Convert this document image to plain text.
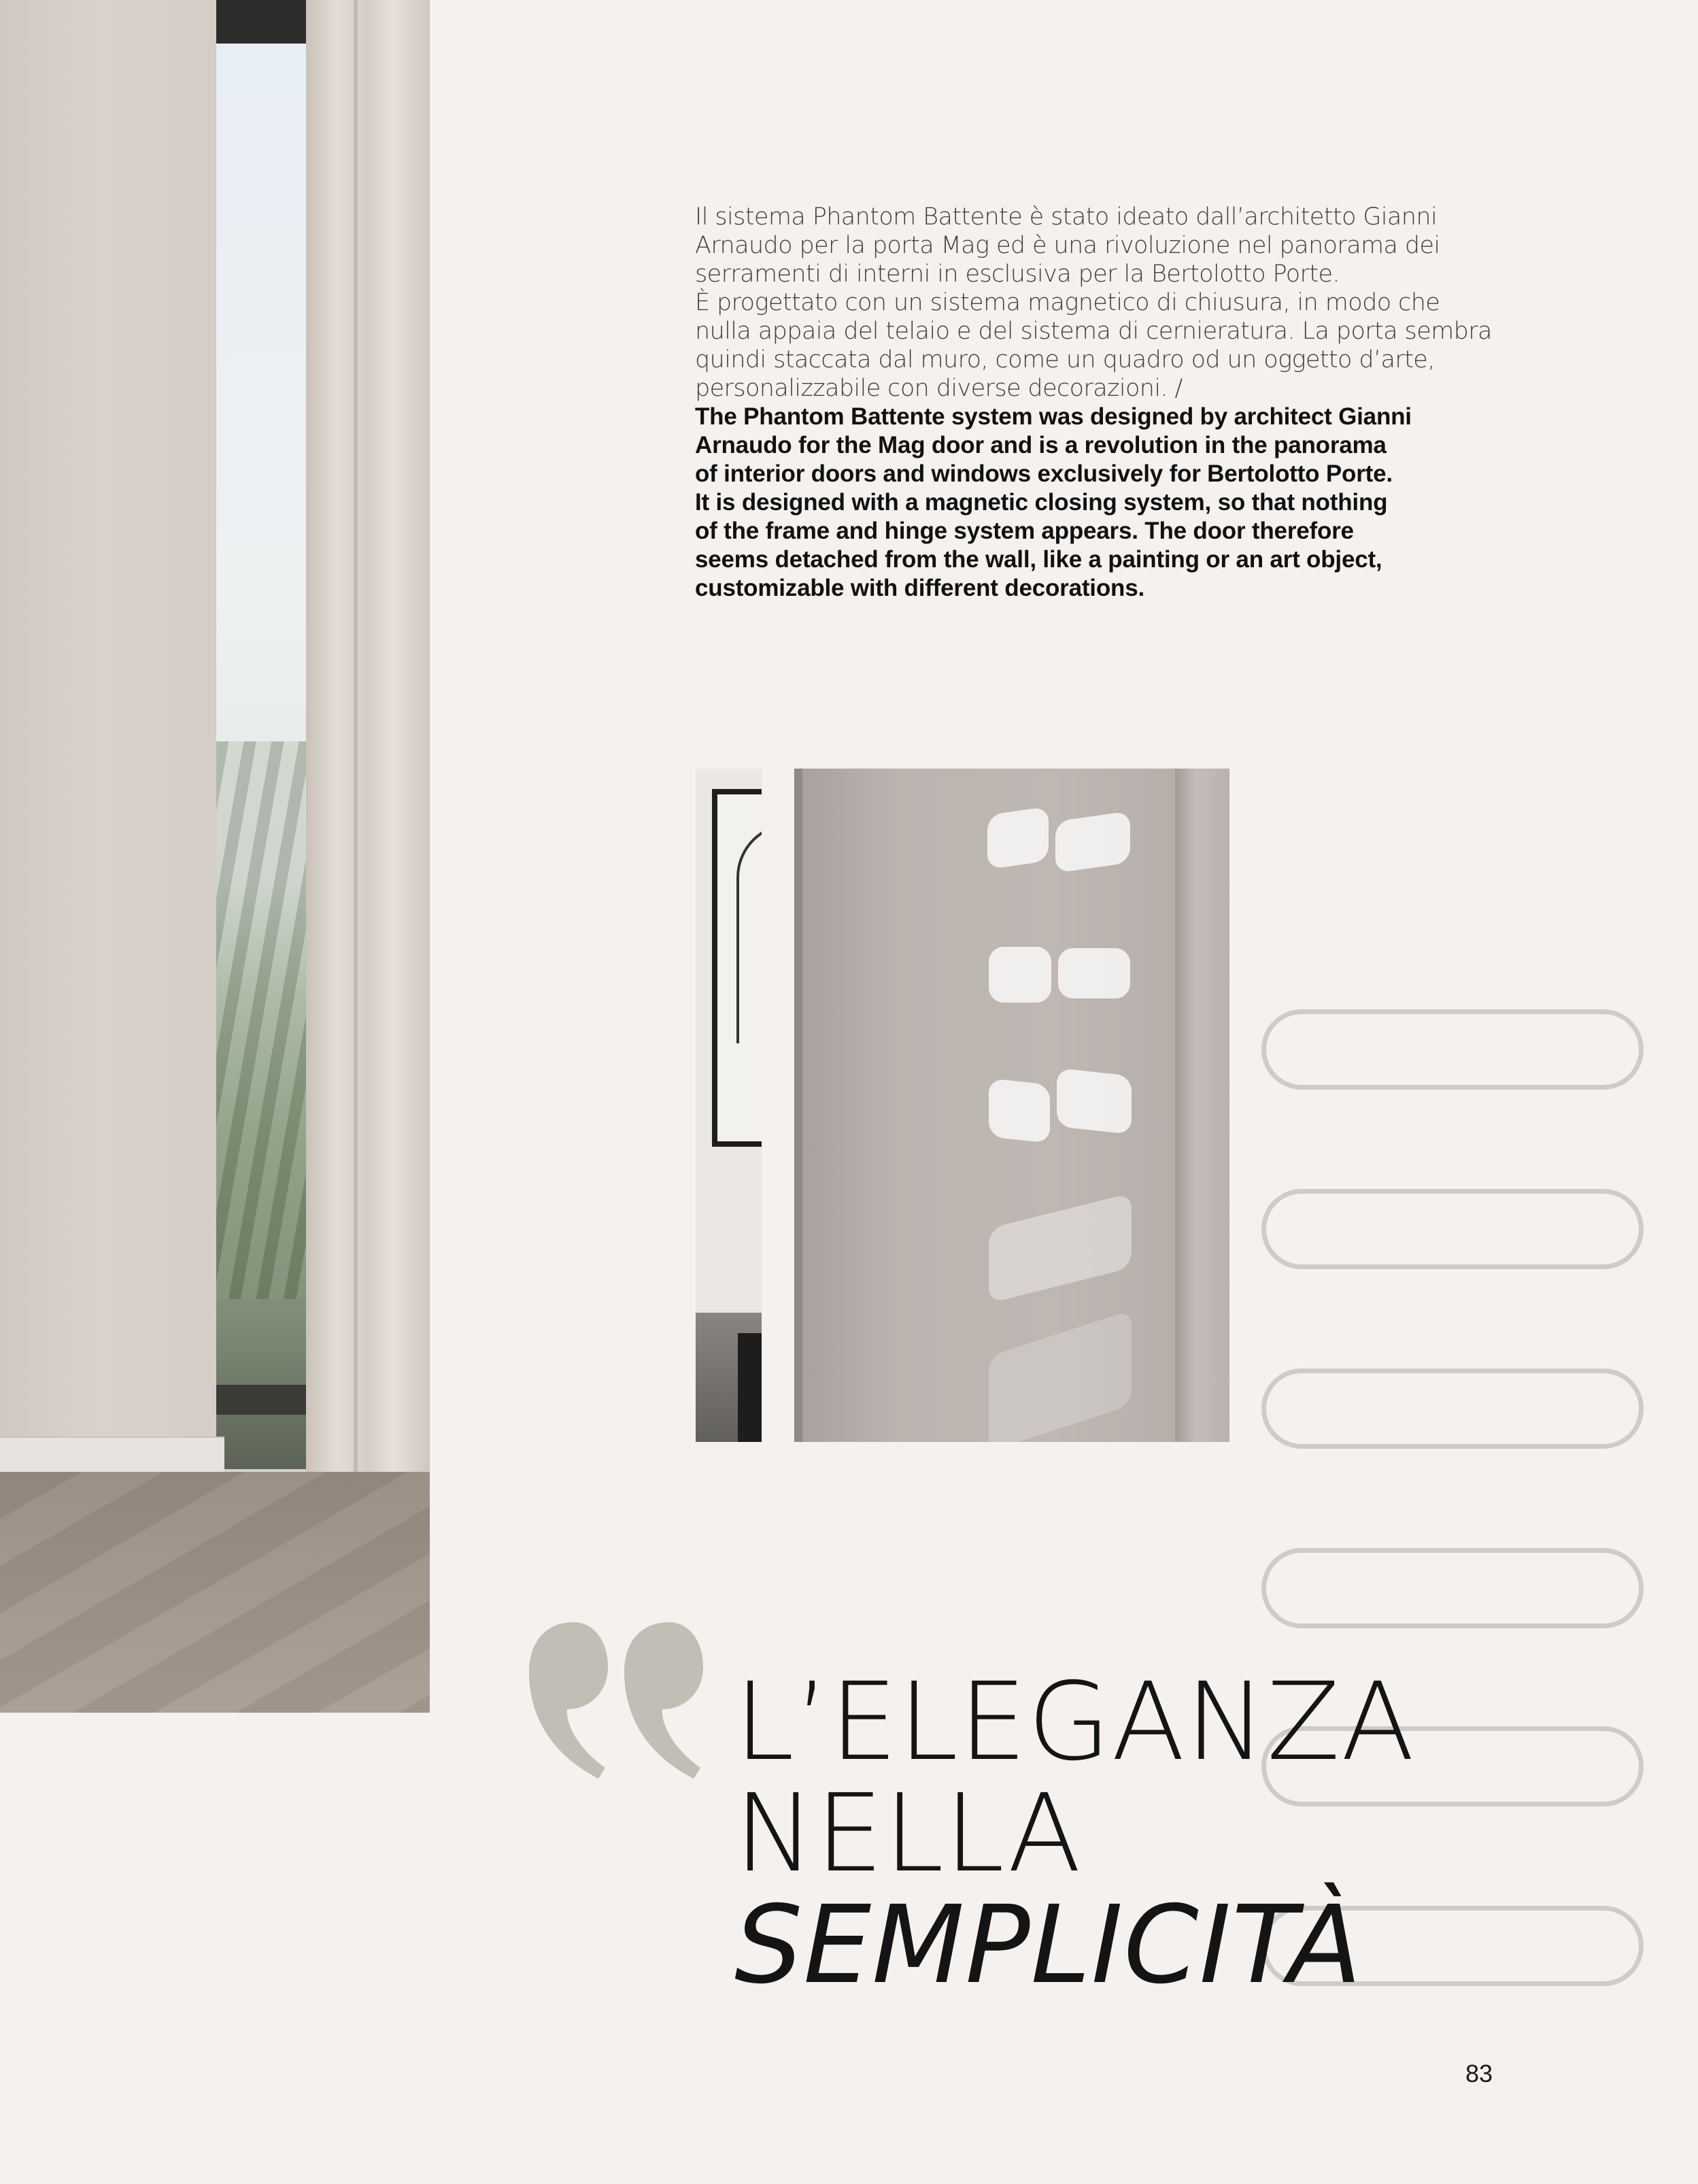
Il sistema Phantom Battente è stato ideato dall’architetto Gianni
Arnaudo per la porta Mag ed è una rivoluzione nel panorama dei
serramenti di interni in esclusiva per la Bertolotto Porte.
È progettato con un sistema magnetico di chiusura, in modo che
nulla appaia del telaio e del sistema di cernieratura. La porta sembra
quindi staccata dal muro, come un quadro od un oggetto d’arte,
personalizzabile con diverse decorazioni. /
The Phantom Battente system was designed by architect Gianni
Arnaudo for the Mag door and is a revolution in the panorama
of interior doors and windows exclusively for Bertolotto Porte.
It is designed with a magnetic closing system, so that nothing
of the frame and hinge system appears. The door therefore
seems detached from the wall, like a painting or an art object,
customizable with different decorations.
L’ELEGANZA
NELLA
SEMPLICITÀ
83
